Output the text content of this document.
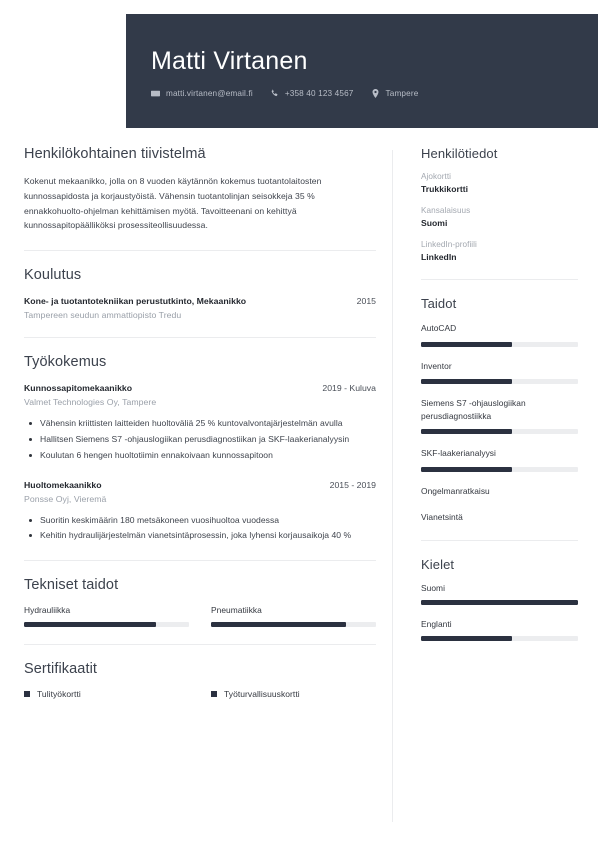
Matti Virtanen
matti.virtanen@email.fi	+358 40 123 4567	Tampere
Henkilökohtainen tiivistelmä

Kokenut mekaanikko, jolla on 8 vuoden käytännön kokemus tuotantolaitosten kunnossapidosta ja korjaustyöistä. Vähensin tuotantolinjan seisokkeja 35 % ennakkohuolto-ohjelman kehittämisen myötä. Tavoitteenani on kehittyä kunnossapitopäälliköksi prosessiteollisuudessa.

Koulutus
Kone- ja tuotantotekniikan perustutkinto, Mekaanikko	2015
Tampereen seudun ammattiopisto Tredu
Työkokemus
Kunnossapitomekaanikko	2019 - Kuluva
Valmet Technologies Oy, Tampere
Vähensin kriittisten laitteiden huoltoväliä 25 % kuntovalvontajärjestelmän avulla
Hallitsen Siemens S7 -ohjauslogiikan perusdiagnostiikan ja SKF-laakerianalyysin
Koulutan 6 hengen huoltotiimin ennakoivaan kunnossapitoon
Huoltomekaanikko	2015 - 2019
Ponsse Oyj, Vieremä
Suoritin keskimäärin 180 metsäkoneen vuosihuoltoa vuodessa
Kehitin hydraulijärjestelmän vianetsintäprosessin, joka lyhensi korjausaikoja 40 %
Tekniset taidot
Hydrauliikka	Pneumatiikka
Sertifikaatit
Tulityökortti	Työturvallisuuskortti
Henkilötiedot
Ajokortti
Trukkikortti
Kansalaisuus
Suomi
LinkedIn-profiili
LinkedIn
Taidot
AutoCAD
Inventor
Siemens S7 -ohjauslogiikan perusdiagnostiikka
SKF-laakerianalyysi
Ongelmanratkaisu
Vianetsintä
Kielet
Suomi
Englanti
